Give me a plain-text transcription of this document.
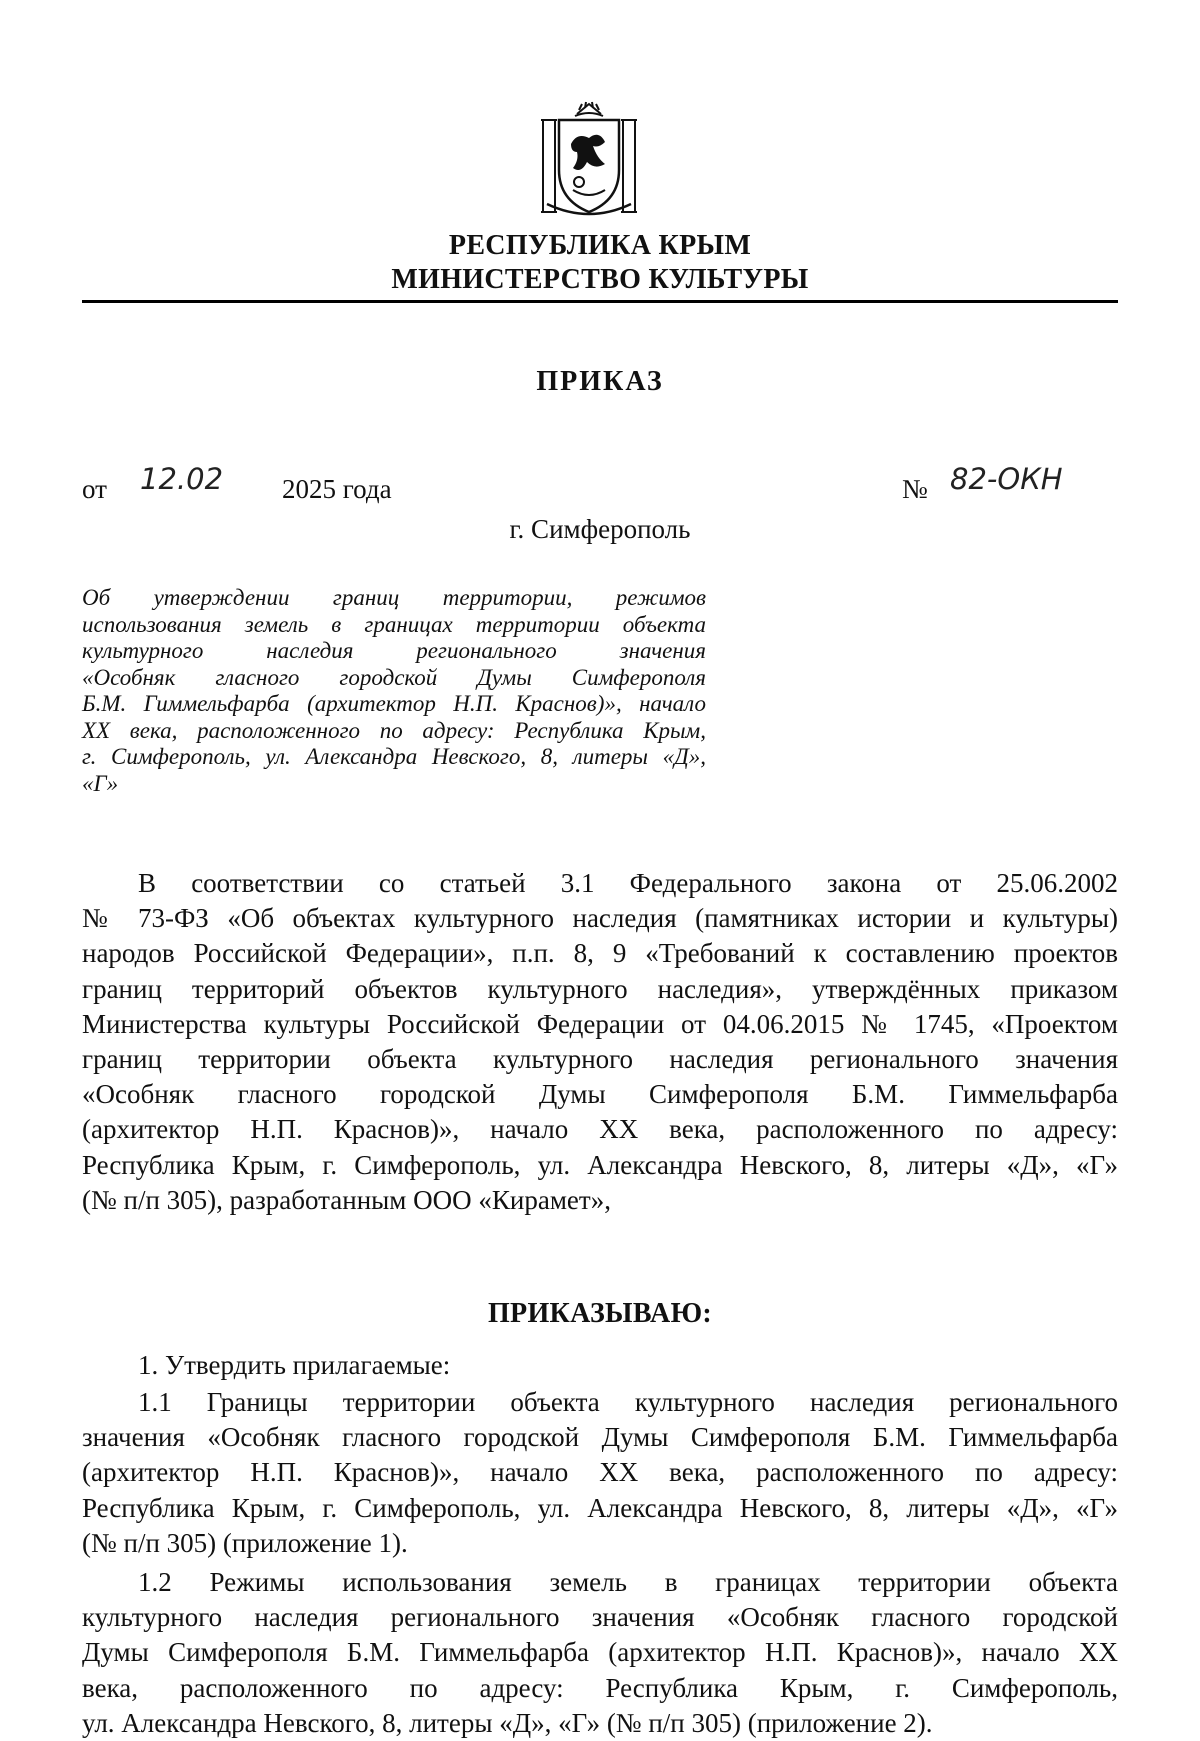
РЕСПУБЛИКА КРЫМ
МИНИСТЕРСТВО КУЛЬТУРЫ
ПРИКАЗ
от 12.02 2025 года	№ 82-ОКН
г. Симферополь
Об утверждении границ территории, режимов
использования земель в границах территории объекта
культурного наследия регионального значения
«Особняк гласного городской Думы Симферополя
Б.М. Гиммельфарба (архитектор Н.П. Краснов)», начало
XX века, расположенного по адресу: Республика Крым,
г. Симферополь, ул. Александра Невского, 8, литеры «Д»,
«Г»
В соответствии со статьей 3.1 Федерального закона от 25.06.2002
№ 73-ФЗ «Об объектах культурного наследия (памятниках истории и культуры)
народов Российской Федерации», п.п. 8, 9 «Требований к составлению проектов
границ территорий объектов культурного наследия», утверждённых приказом
Министерства культуры Российской Федерации от 04.06.2015 № 1745, «Проектом
границ территории объекта культурного наследия регионального значения
«Особняк гласного городской Думы Симферополя Б.М. Гиммельфарба
(архитектор Н.П. Краснов)», начало XX века, расположенного по адресу:
Республика Крым, г. Симферополь, ул. Александра Невского, 8, литеры «Д», «Г»
(№ п/п 305), разработанным ООО «Кирамет»,
ПРИКАЗЫВАЮ:
1. Утвердить прилагаемые:
1.1 Границы территории объекта культурного наследия регионального
значения «Особняк гласного городской Думы Симферополя Б.М. Гиммельфарба
(архитектор Н.П. Краснов)», начало XX века, расположенного по адресу:
Республика Крым, г. Симферополь, ул. Александра Невского, 8, литеры «Д», «Г»
(№ п/п 305) (приложение 1).
1.2 Режимы использования земель в границах территории объекта
культурного наследия регионального значения «Особняк гласного городской
Думы Симферополя Б.М. Гиммельфарба (архитектор Н.П. Краснов)», начало XX
века, расположенного по адресу: Республика Крым, г. Симферополь,
ул. Александра Невского, 8, литеры «Д», «Г» (№ п/п 305) (приложение 2).
